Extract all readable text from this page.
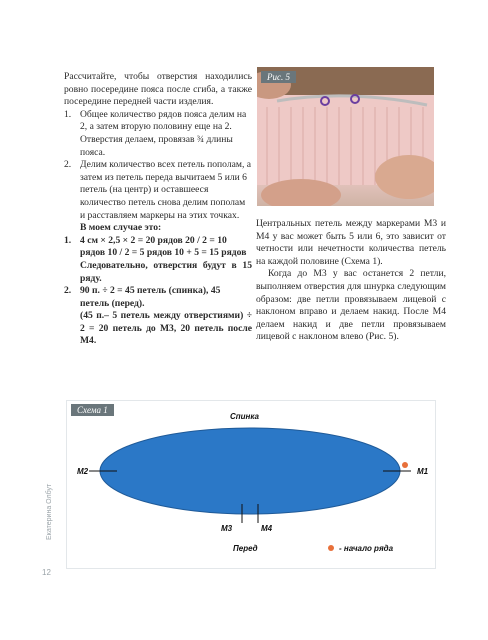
Рассчитайте, чтобы отверстия находились ровно посередине пояса после сгиба, а также посередине передней части изделия.

1. Общее количество рядов пояса делим на 2, а затем вторую половину еще на 2. Отверстия делаем, провязав ¾ длины пояса.
2. Делим количество всех петель пополам, а затем из петель переда вычитаем 5 или 6 петель (на центр) и оставшееся количество петель снова делим пополам и расставляем маркеры на этих точках.

В моем случае это:

1. 4 см × 2,5 × 2 = 20 рядов 20 / 2 = 10 рядов 10 / 2 = 5 рядов 10 + 5 = 15 рядов

Следовательно, отверстия будут в 15 ряду.

2. 90 п. ÷ 2 = 45 петель (спинка), 45 петель (перед).

(45 п.– 5 петель между отверстиями) ÷ 2 = 20 петель до М3, 20 петель после М4.

Рис. 5

Центральных петель между маркерами М3 и М4 у вас может быть 5 или 6, это зависит от четности или нечетности количества петель на каждой половине (Схема 1).

Когда до М3 у вас останется 2 петли, выполняем отверстия для шнурка следующим образом: две петли провязываем лицевой с наклоном вправо и делаем накид. После М4 делаем накид и две петли провязываем лицевой с наклоном влево (Рис. 5).

Схема 1
Спинка
М2	М1
М3	М4
Перед	- начало ряда
Екатерина Олбут
12
